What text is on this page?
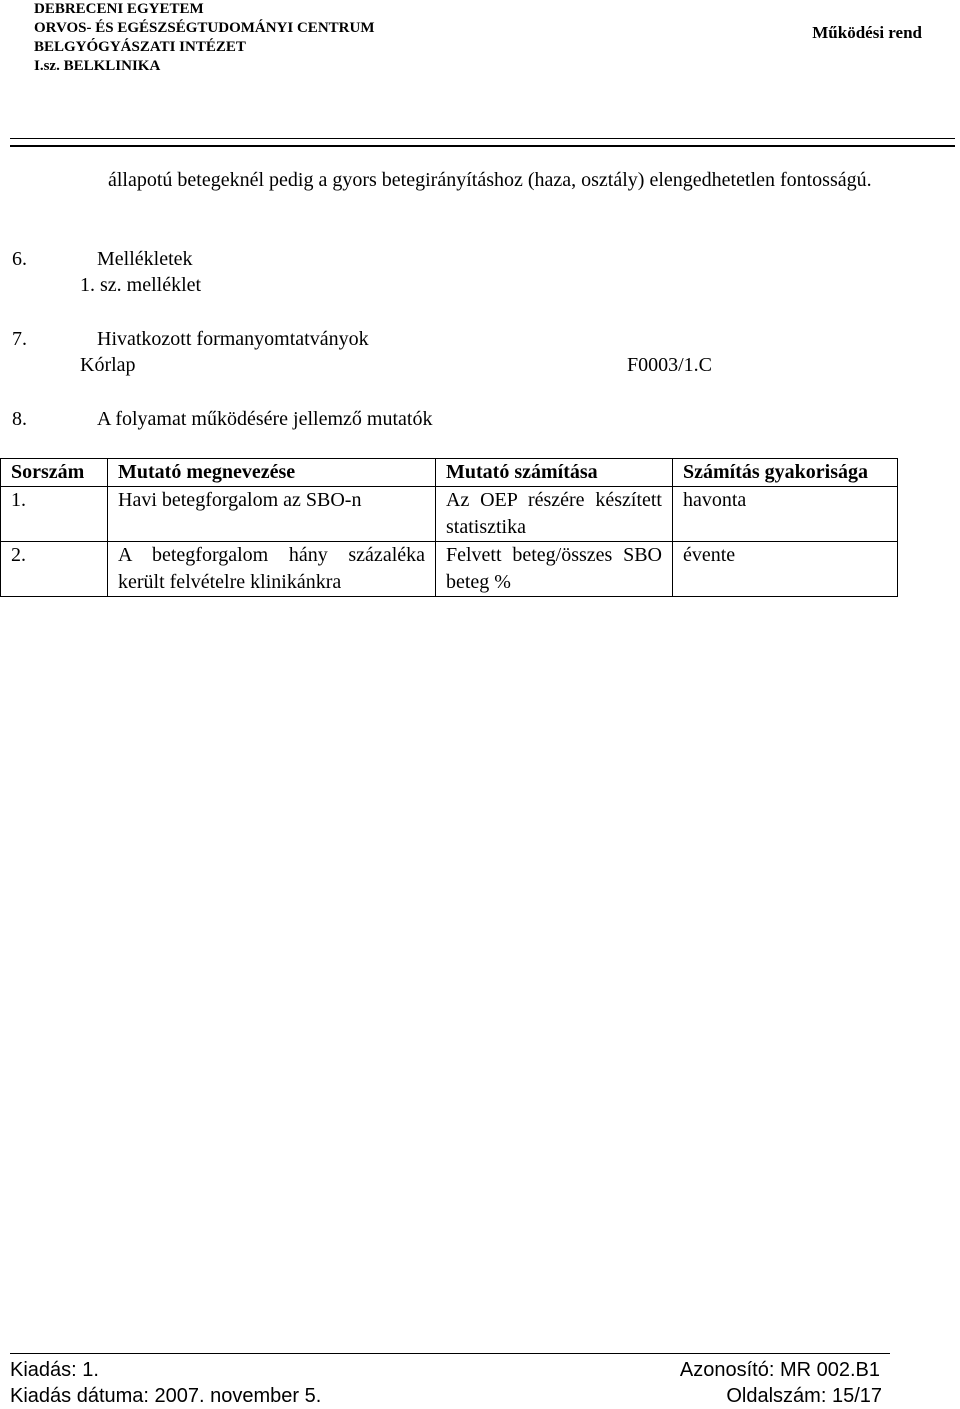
DEBRECENI EGYETEM
ORVOS- ÉS EGÉSZSÉGTUDOMÁNYI CENTRUM
BELGYÓGYÁSZATI INTÉZET
I.sz. BELKLINIKA
Működési rend
állapotú betegeknél pedig a gyors betegirányításhoz (haza, osztály) elengedhetetlen fontosságú.
6.	Mellékletek
1. sz. melléklet
7.	Hivatkozott formanyomtatványok
Kórlap	F0003/1.C
8.	A folyamat működésére jellemző mutatók
Sorszám	Mutató megnevezése	Mutató számítása	Számítás gyakorisága
1.	Havi betegforgalom az SBO-n	Az OEP részére készített statisztika	havonta
2.	A betegforgalom hány százaléka került felvételre klinikánkra	Felvett beteg/összes SBO beteg %	évente
Kiadás: 1.
Kiadás dátuma: 2007. november 5.
Azonosító: MR 002.B1
Oldalszám: 15/17
